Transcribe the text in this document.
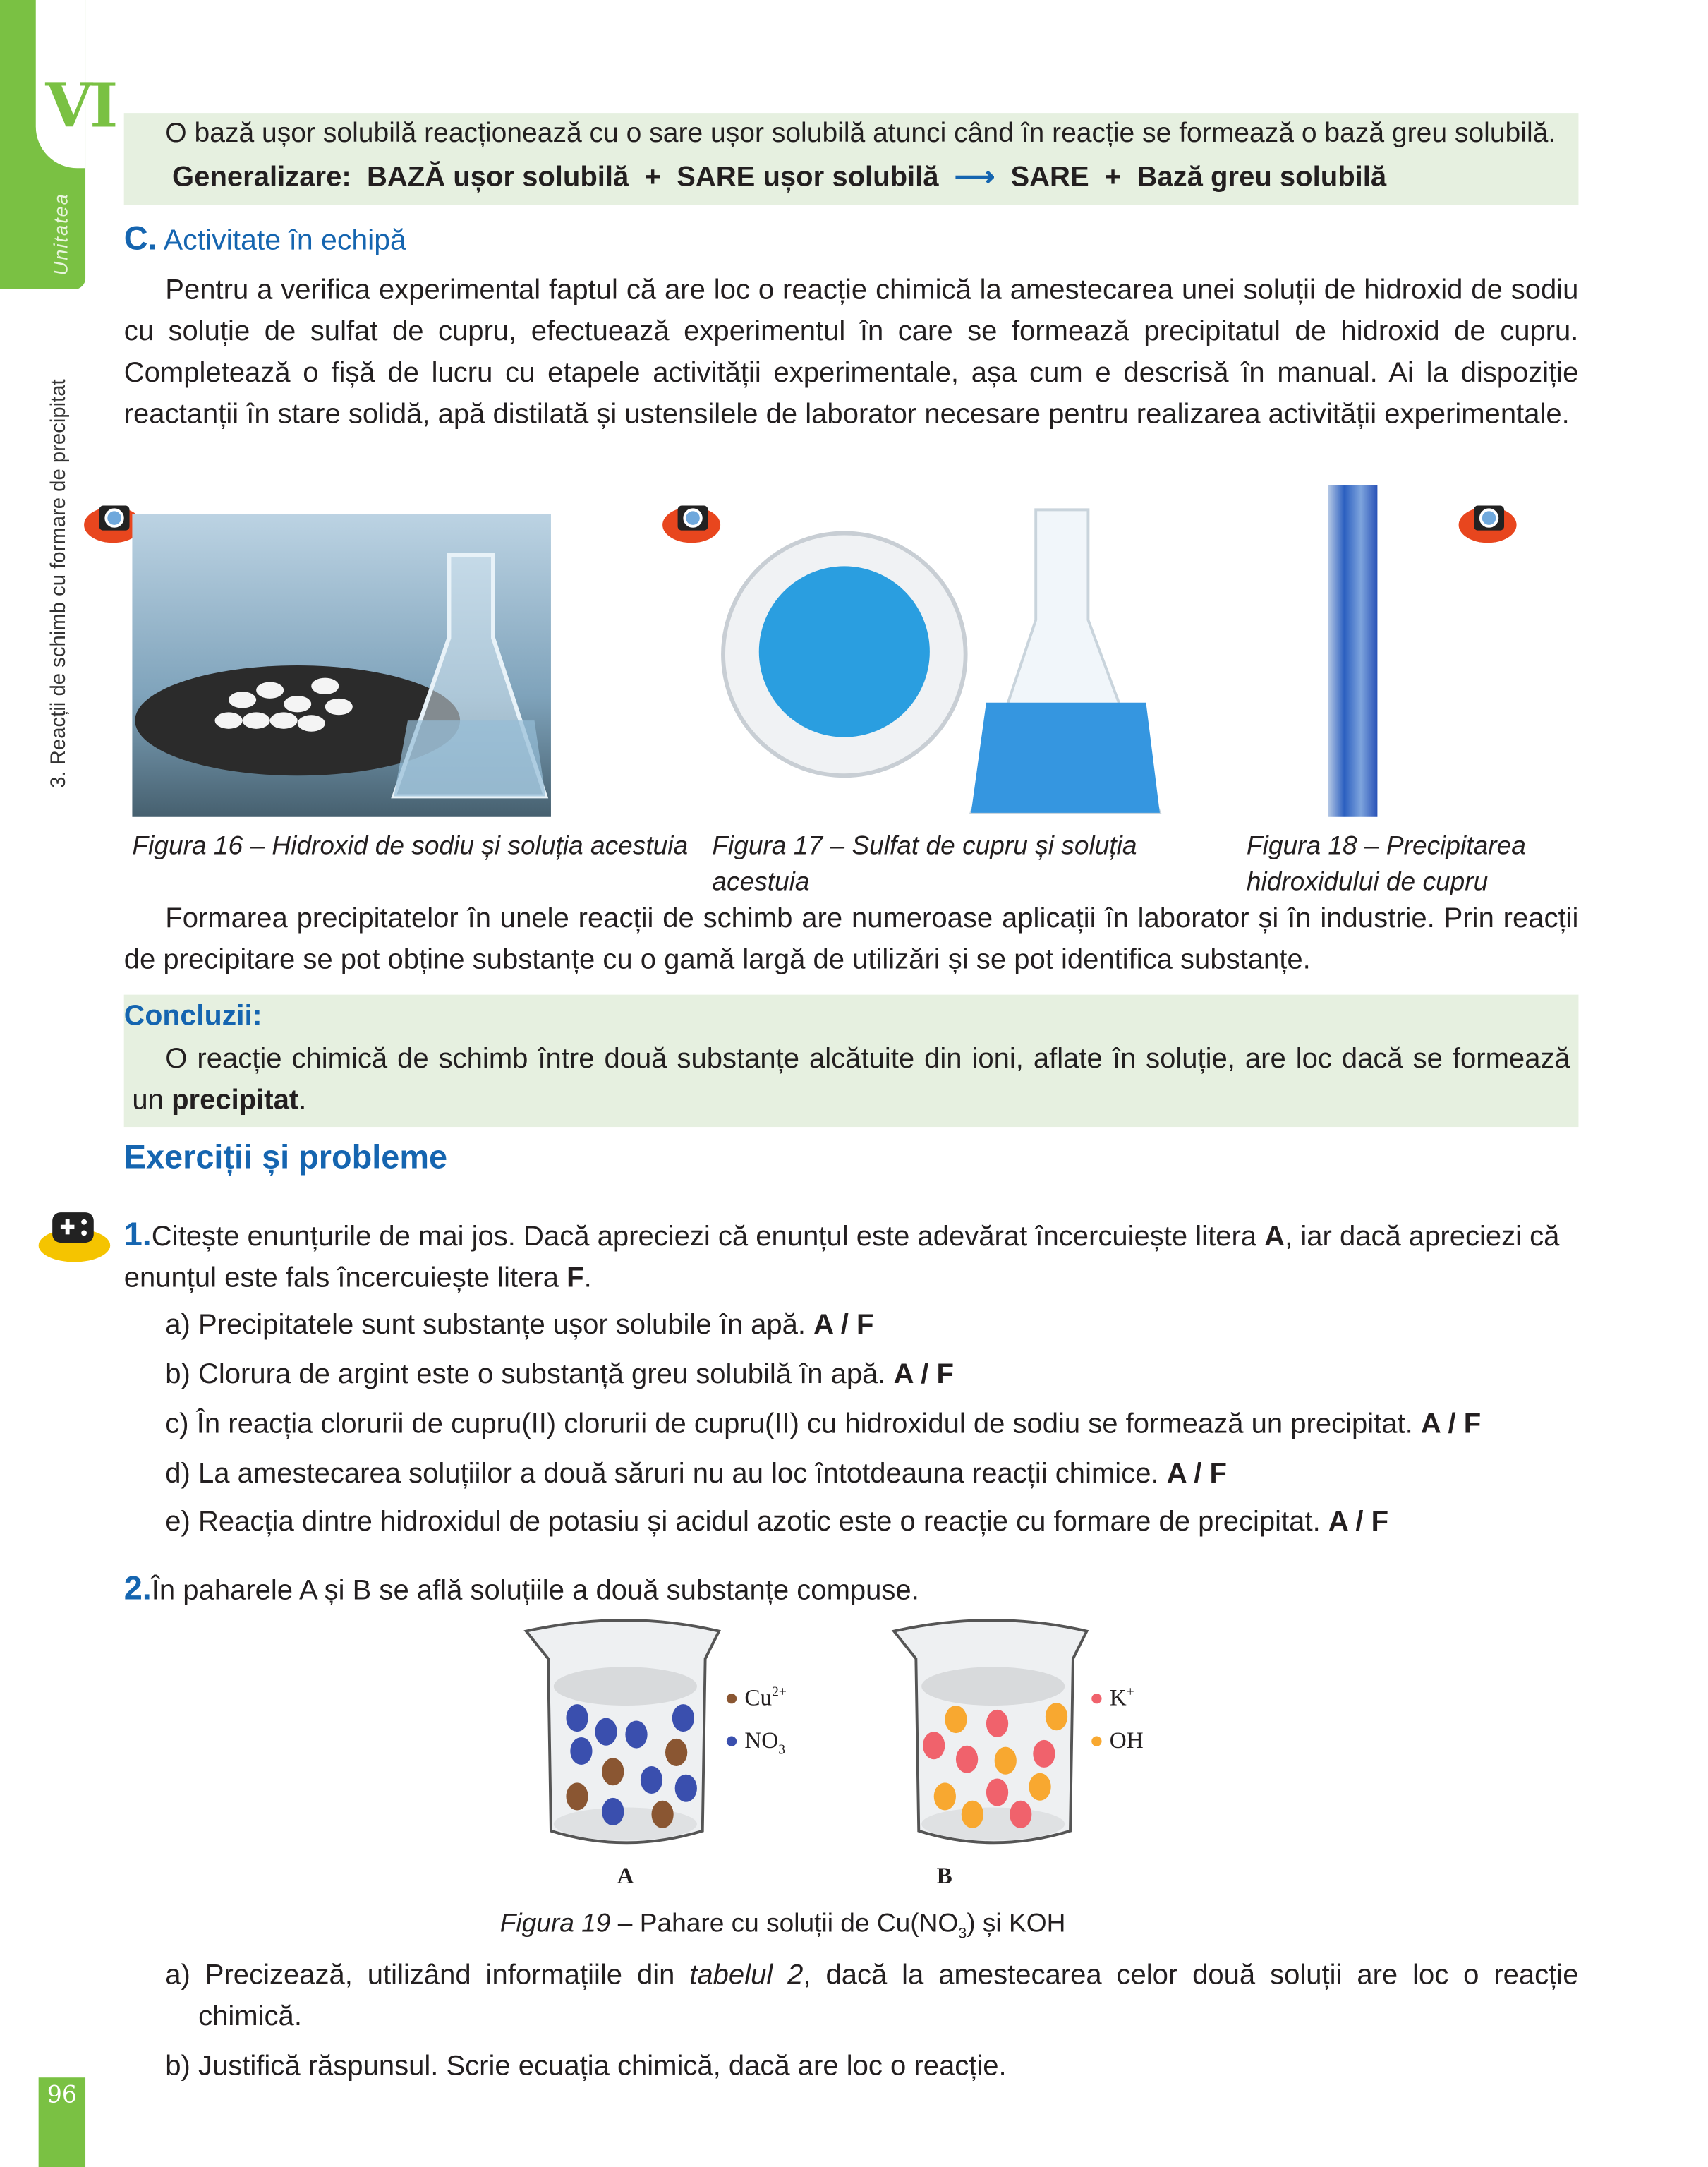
VI
Unitatea
3. Reacții de schimb cu formare de precipitat

O bază ușor solubilă reacționează cu o sare ușor solubilă atunci când în reacție se formează o bază greu solubilă.

Generalizare: BAZĂ ușor solubilă  +  SARE ușor solubilă  ⟶  SARE  +  Bază greu solubilă

C. Activitate în echipă

Pentru a verifica experimental faptul că are loc o reacție chimică la amestecarea unei soluții de hidroxid de sodiu cu soluție de sulfat de cupru, efectuează experimentul în care se formează precipitatul de hidroxid de cupru. Completează o fișă de lucru cu etapele activității experimentale, așa cum e descrisă în manual. Ai la dispoziție reactanții în stare solidă, apă distilată și ustensilele de laborator necesare pentru realizarea activității experimentale.

Figura 16 – Hidroxid de sodiu și soluția acestuia	Figura 17 – Sulfat de cupru și soluția acestuia

Figura 18 – Precipitarea hidroxidului de cupru

Formarea precipitatelor în unele reacții de schimb are numeroase aplicații în laborator și în industrie. Prin reacții de precipitare se pot obține substanțe cu o gamă largă de utilizări și se pot identifica substanțe.

Concluzii:

O reacție chimică de schimb între două substanțe alcătuite din ioni, aflate în soluție, are loc dacă se formează un precipitat.

Exerciții și probleme

1.Citește enunțurile de mai jos. Dacă apreciezi că enunțul este adevărat încercuiește litera A, iar dacă apreciezi că enunțul este fals încercuiește litera F.

a) Precipitatele sunt substanțe ușor solubile în apă. A / F

b) Clorura de argint este o substanță greu solubilă în apă. A / F

c) În reacția clorurii de cupru(II) clorurii de cupru(II) cu hidroxidul de sodiu se formează un precipitat. A / F

d) La amestecarea soluțiilor a două săruri nu au loc întotdeauna reacții chimice. A / F

e) Reacția dintre hidroxidul de potasiu și acidul azotic este o reacție cu formare de precipitat. A / F

2.În paharele A și B se află soluțiile a două substanțe compuse.

● $Cu^{2+}$
● $NO_3^-$
● K+
● OH−
A	B

Figura 19 – Pahare cu soluții de $Cu(NO_3)$ și KOH

a) Precizează, utilizând informațiile din tabelul 2, dacă la amestecarea celor două soluții are loc o reacție chimică.

b) Justifică răspunsul. Scrie ecuația chimică, dacă are loc o reacție.

96
